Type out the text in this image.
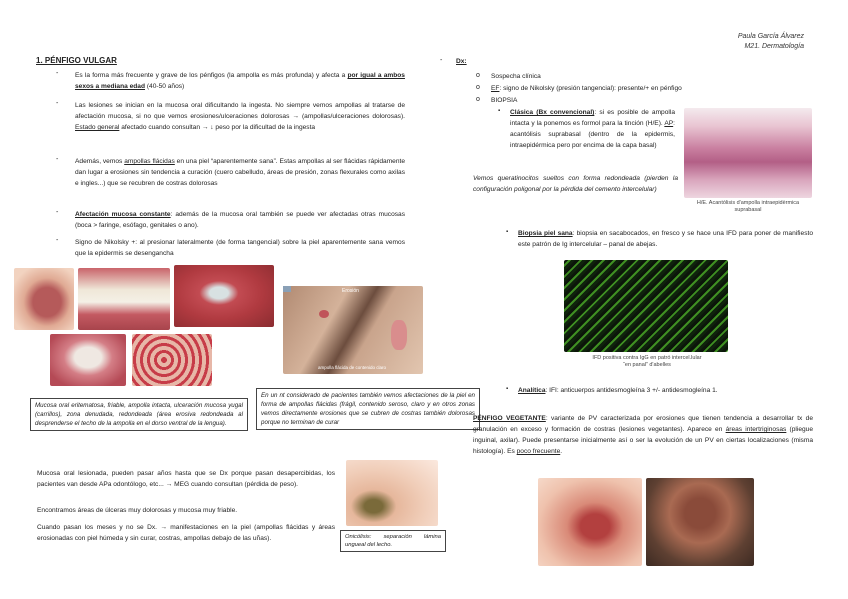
Paula García Álvarez
M21. Dermatología
1. PÉNFIGO VULGAR
-	Es la forma más frecuente y grave de los pénfigos (la ampolla es más profunda) y afecta a por igual a ambos sexos a mediana edad (40-50 años)
-	Las lesiones se inician en la mucosa oral dificultando la ingesta. No siempre vemos ampollas al tratarse de afectación mucosa, si no que vemos erosiones/ulceraciones dolorosas → (ampollas/ulceraciones dolorosas). Estado general afectado cuando consultan → ↓ peso por la dificultad de la ingesta
-	Además, vemos ampollas flácidas en una piel “aparentemente sana”. Estas ampollas al ser flácidas rápidamente dan lugar a erosiones sin tendencia a curación (cuero cabelludo, áreas de presión, zonas flexurales como axilas e ingles...) que se recubren de costras dolorosas
-	Afectación mucosa constante: además de la mucosa oral también se puede ver afectadas otras mucosas (boca > faringe, esófago, genitales o ano).
-	Signo de Nikolsky +: al presionar lateralmente (de forma tangencial) sobre la piel aparentemente sana vemos que la epidermis se desengancha
Erosión
ampolla flácida de contenido claro
Mucosa oral eritematosa, friable, ampolla intacta, ulceración mucosa yugal (carrillos), zona denudada, redondeada (área erosiva redondeada al desprenderse el techo de la ampolla en el dorso ventral de la lengua).
En un nt considerado de pacientes también vemos afectaciones de la piel en forma de ampollas flácidas (frágil, contenido seroso, claro y en otros zonas vemos directamente erosiones que se cubren de costras también dolorosas porque no terminan de curar
Mucosa oral lesionada, pueden pasar años hasta que se Dx porque pasan desapercibidas, los pacientes van desde APa odontólogo, etc... → MEG cuando consultan (pérdida de peso).
Encontramos áreas de úlceras muy dolorosas y mucosa muy friable.
Cuando pasan los meses y no se Dx. → manifestaciones en la piel (ampollas flácidas y áreas erosionadas con piel húmeda y sin curar, costras, ampollas debajo de las uñas).	Onicólisis: separación lámina ungueal del lecho.
- Dx:
o Sospecha clínica
o EF: signo de Nikolsky (presión tangencial): presente/+ en pénfigo
o BIOPSIA
▪ Clásica (Bx convencional): si es posible de ampolla intacta y la ponemos es formol para la tinción (H/E). AP: acantólisis suprabasal (dentro de la epidermis, intraepidérmica pero por encima de la capa basal)
Vemos queratinocitos sueltos con forma redondeada (pierden la configuración poligonal por la pérdida del cemento intercelular)
H/E. Acantólisis d'ampolla intraepidèrmica suprabasal
▪ Biopsia piel sana: biopsia en sacabocados, en fresco y se hace una IFD para poner de manifiesto este patrón de Ig intercelular – panal de abejas.
IFD positiva contra IgG en patró intercel.lular
“en panal” d'abelles
▪ Analítica: IFI: anticuerpos antidesmogleína 3 +/- antidesmogleína 1.
PÉNFIGO VEGETANTE: variante de PV caracterizada por erosiones que tienen tendencia a desarrollar tx de granulación en exceso y formación de costras (lesiones vegetantes). Aparece en áreas intertriginosas (pliegue inguinal, axilar). Puede presentarse inicialmente así o ser la evolución de un PV en ciertas localizaciones (misma histología). Es poco frecuente.
